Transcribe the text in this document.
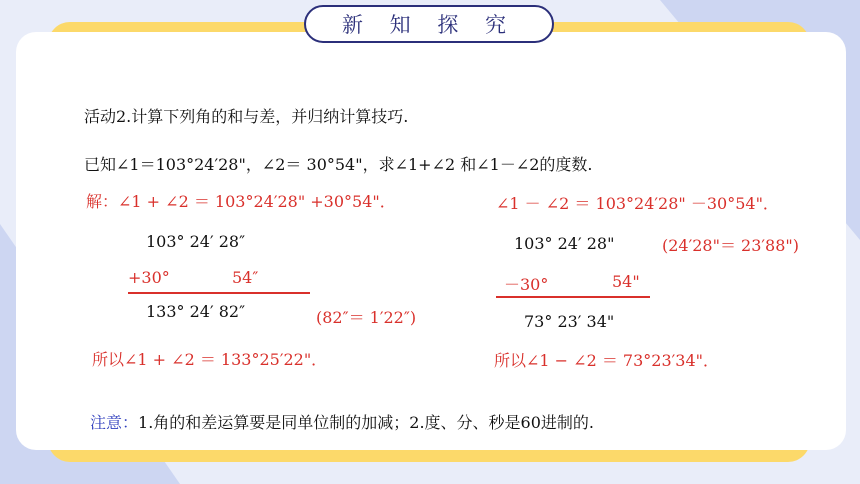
新 知 探 究
活动2.计算下列角的和与差，并归纳计算技巧.
已知∠1＝103°24′28"，∠2＝ 30°54"，求∠1+∠2 和∠1－∠2的度数.
解：∠1 + ∠2 ＝ 103°24′28" +30°54"．
103° 24′ 28″
+30°	54″
133° 24′ 82″	(82″＝ 1′22″)
所以∠1 + ∠2 ＝ 133°25′22"．
∠1 － ∠2 ＝ 103°24′28" －30°54"．
103° 24′ 28"	(24′28"＝ 23′88")
－30°	54"
73° 23′ 34"
所以∠1 − ∠2 ＝ 73°23′34"．
注意：1.角的和差运算要是同单位制的加减；2.度、分、秒是60进制的.
